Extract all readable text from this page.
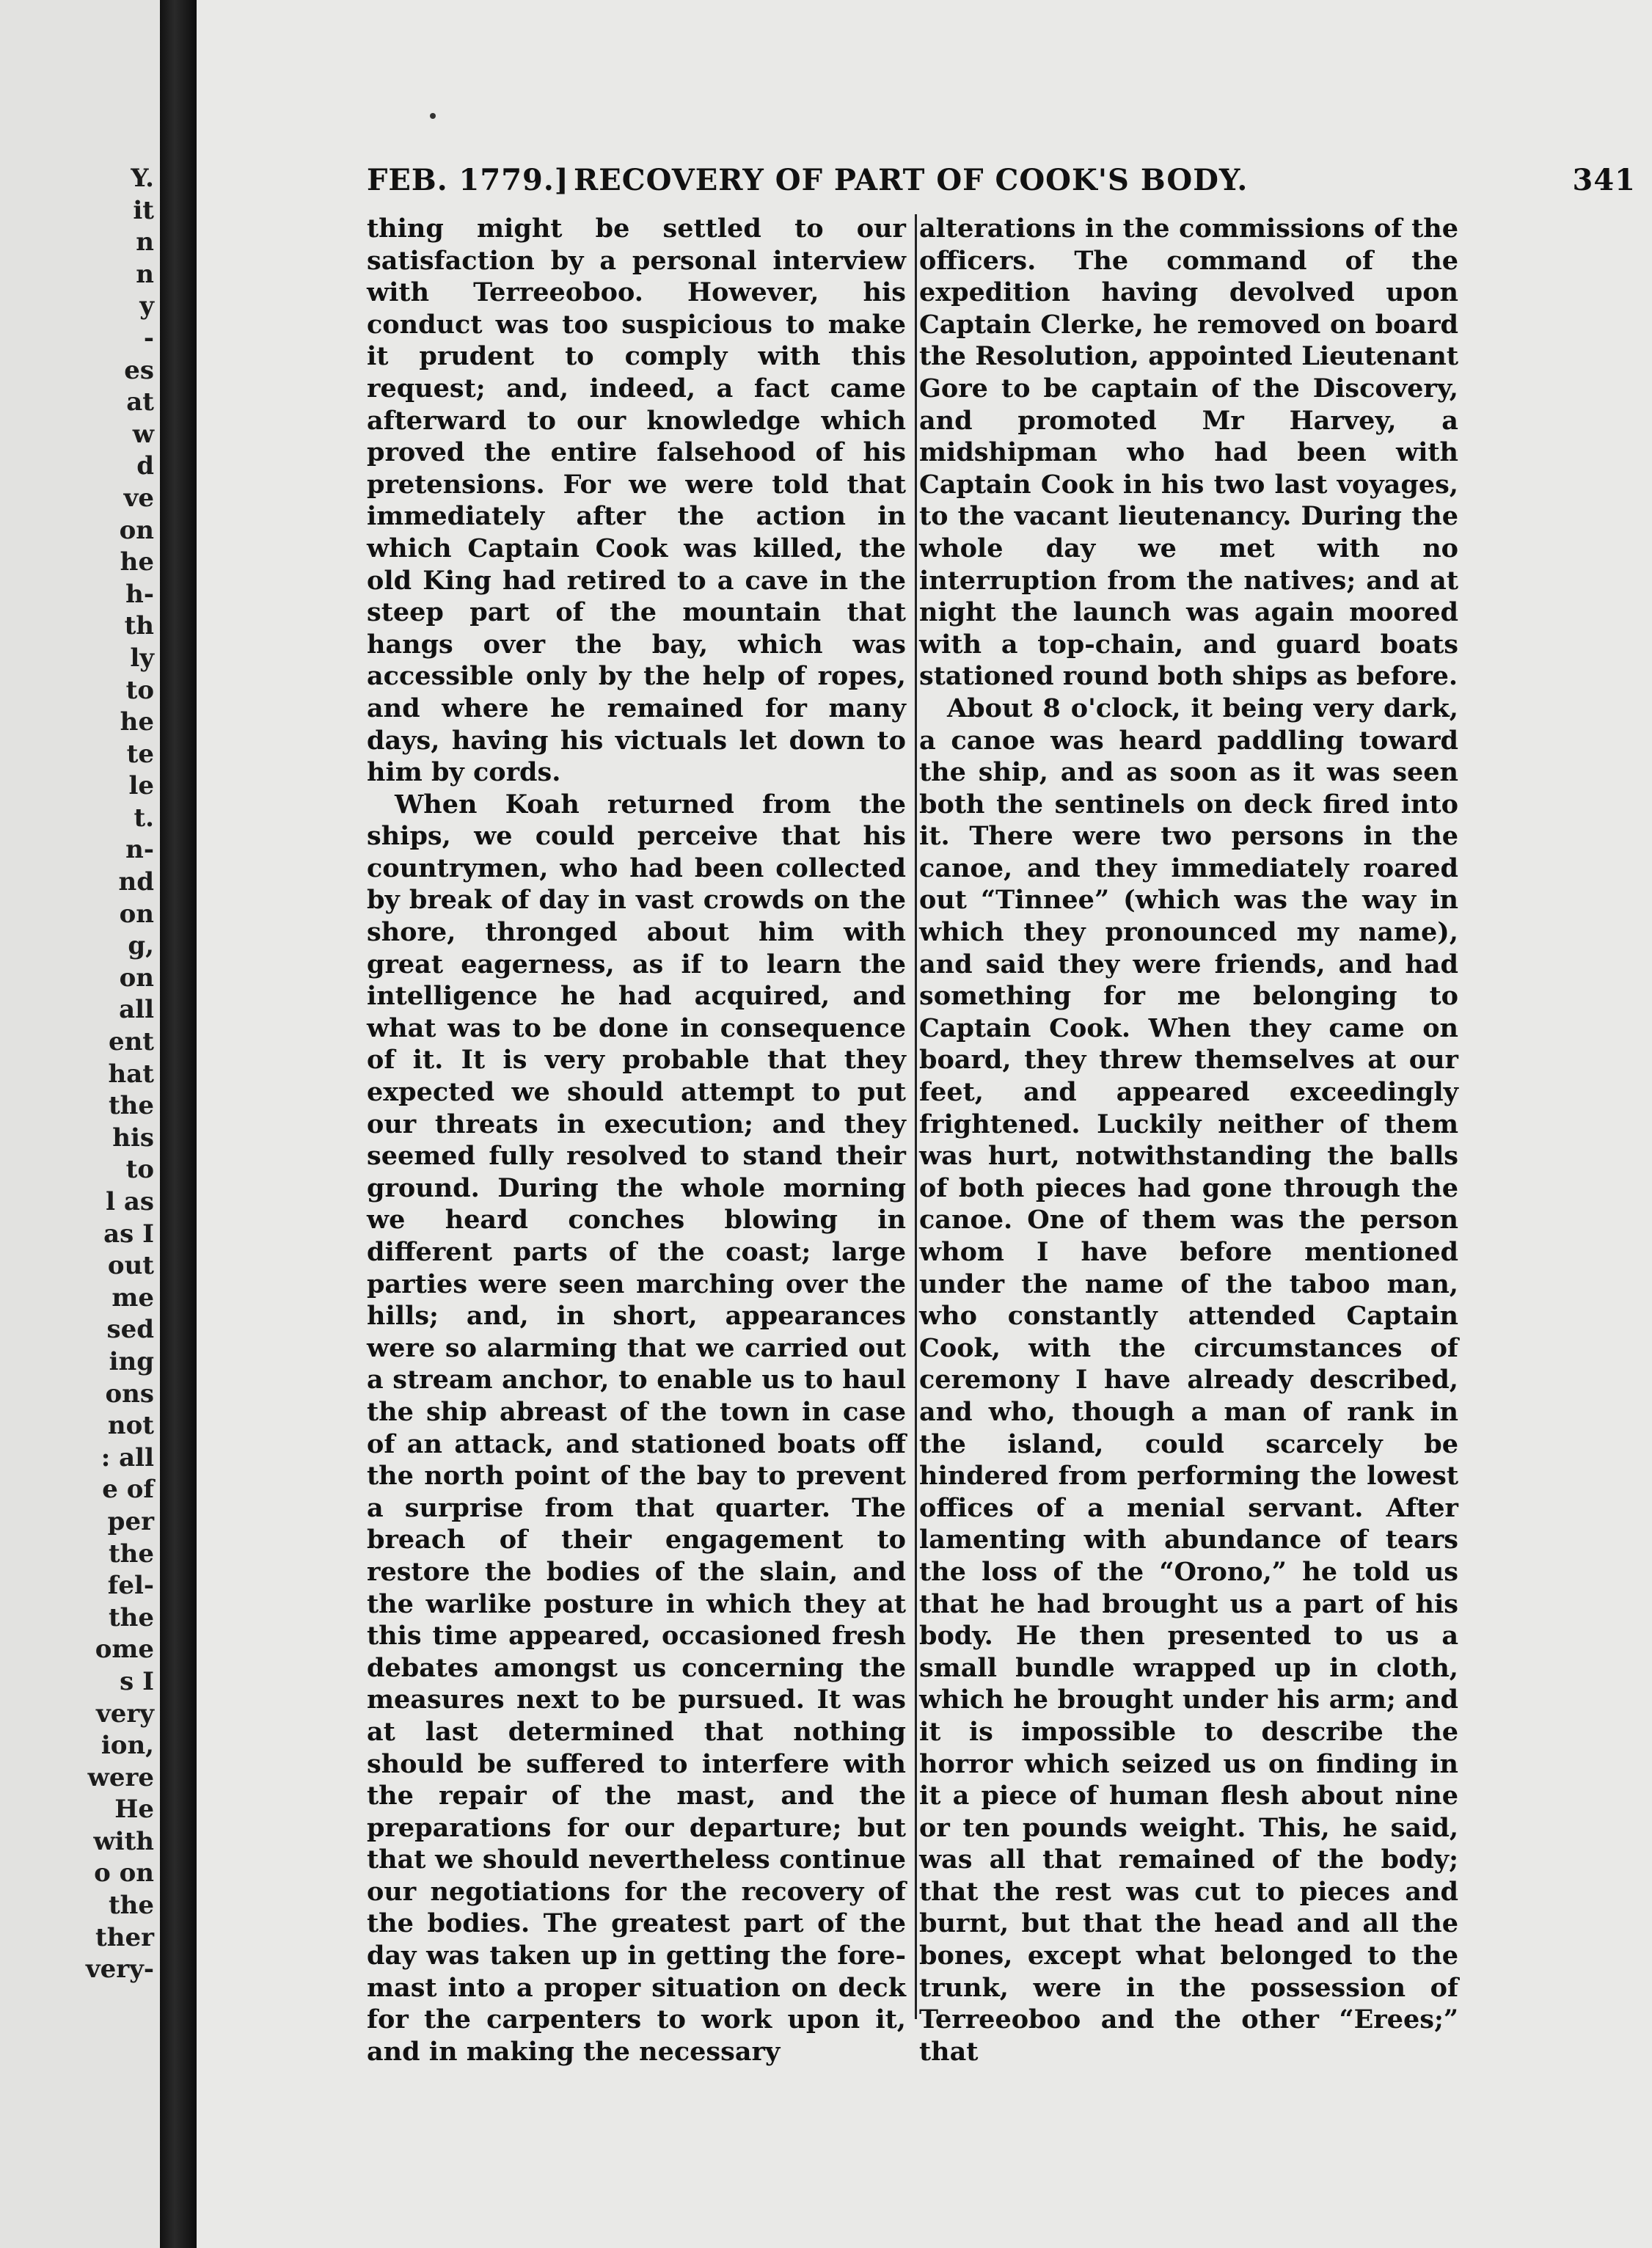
Y.
it
n
n
y
-
es
at
w
d
ve
on
he
h-
th
ly
to
he
te
le
t.
n-
nd
on
g,
on
all
ent
hat
the
his
to
l as
as I
out
me
sed
ing
ons
not
: all
e of
per
the
fel-
the
ome
s I
very
ion,
were
He
with
o on
the
ther
very-
FEB. 1779.] RECOVERY OF PART OF COOK'S BODY.	341

thing might be settled to our satisfaction by a personal interview with Terreeoboo. However, his conduct was too suspicious to make it prudent to comply with this request; and, indeed, a fact came afterward to our knowledge which proved the entire falsehood of his pretensions. For we were told that immediately after the action in which Captain Cook was killed, the old King had retired to a cave in the steep part of the mountain that hangs over the bay, which was accessible only by the help of ropes, and where he remained for many days, having his victuals let down to him by cords.

When Koah returned from the ships, we could perceive that his countrymen, who had been collected by break of day in vast crowds on the shore, thronged about him with great eagerness, as if to learn the intelligence he had acquired, and what was to be done in consequence of it. It is very probable that they expected we should attempt to put our threats in execution; and they seemed fully resolved to stand their ground. During the whole morning we heard conches blowing in different parts of the coast; large parties were seen marching over the hills; and, in short, appearances were so alarming that we carried out a stream anchor, to enable us to haul the ship abreast of the town in case of an attack, and stationed boats off the north point of the bay to prevent a surprise from that quarter. The breach of their engagement to restore the bodies of the slain, and the warlike posture in which they at this time appeared, occasioned fresh debates amongst us concerning the measures next to be pursued. It was at last determined that nothing should be suffered to interfere with the repair of the mast, and the preparations for our departure; but that we should nevertheless continue our negotiations for the recovery of the bodies. The greatest part of the day was taken up in getting the fore-mast into a proper situation on deck for the carpenters to work upon it, and in making the necessary

alterations in the commissions of the officers. The command of the expedition having devolved upon Captain Clerke, he removed on board the Resolution, appointed Lieutenant Gore to be captain of the Discovery, and promoted Mr Harvey, a midshipman who had been with Captain Cook in his two last voyages, to the vacant lieutenancy. During the whole day we met with no interruption from the natives; and at night the launch was again moored with a top-chain, and guard boats stationed round both ships as before.

About 8 o'clock, it being very dark, a canoe was heard paddling toward the ship, and as soon as it was seen both the sentinels on deck fired into it. There were two persons in the canoe, and they immediately roared out “Tinnee” (which was the way in which they pronounced my name), and said they were friends, and had something for me belonging to Captain Cook. When they came on board, they threw themselves at our feet, and appeared exceedingly frightened. Luckily neither of them was hurt, notwithstanding the balls of both pieces had gone through the canoe. One of them was the person whom I have before mentioned under the name of the taboo man, who constantly attended Captain Cook, with the circumstances of ceremony I have already described, and who, though a man of rank in the island, could scarcely be hindered from performing the lowest offices of a menial servant. After lamenting with abundance of tears the loss of the “Orono,” he told us that he had brought us a part of his body. He then presented to us a small bundle wrapped up in cloth, which he brought under his arm; and it is impossible to describe the horror which seized us on finding in it a piece of human flesh about nine or ten pounds weight. This, he said, was all that remained of the body; that the rest was cut to pieces and burnt, but that the head and all the bones, except what belonged to the trunk, were in the possession of Terreeoboo and the other “Erees;” that
